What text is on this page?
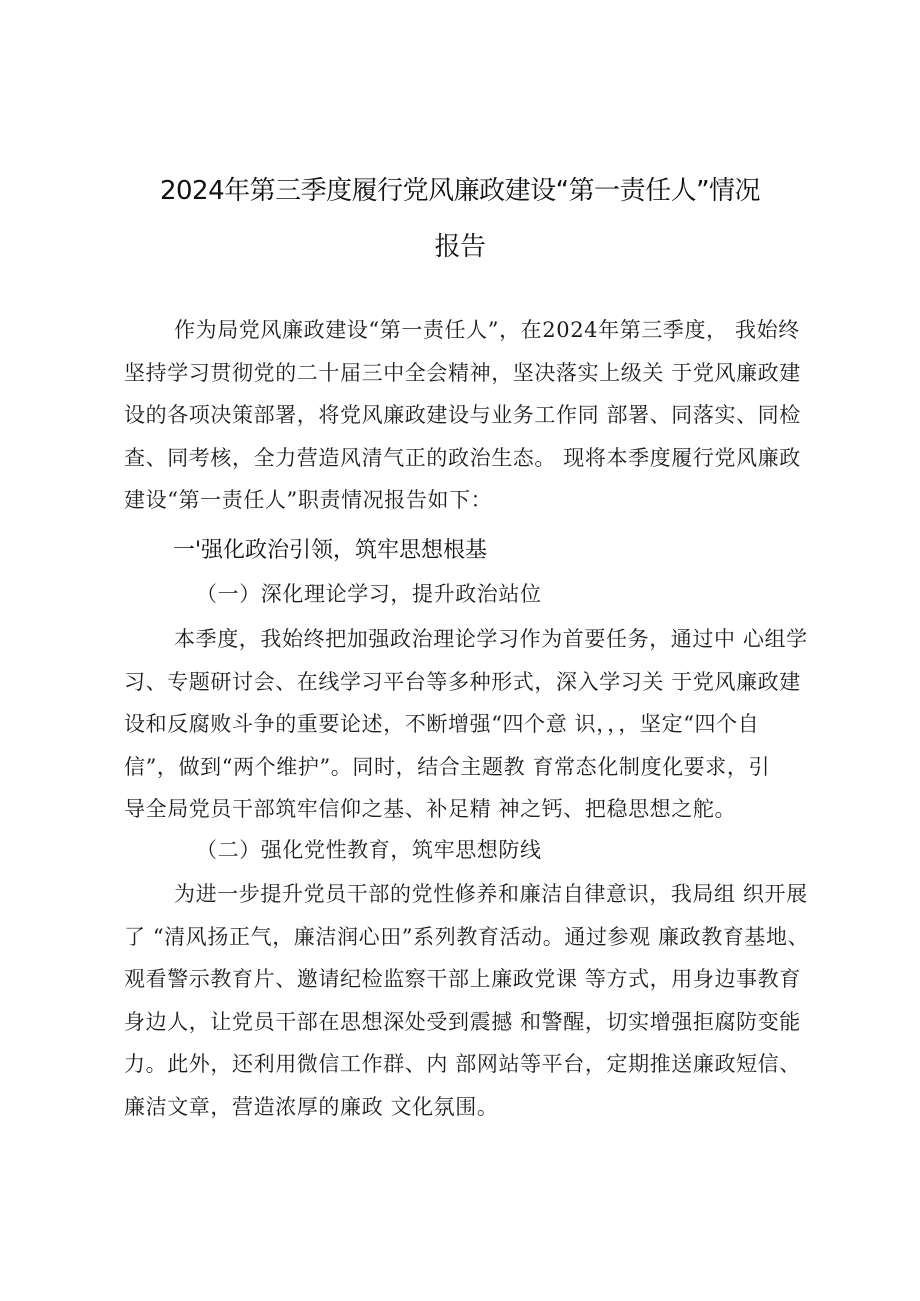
2024年第三季度履行党风廉政建设“第一责任人”情况
报告
作为局党风廉政建设“第一责任人”，在2024年第三季度， 我始终
坚持学习贯彻党的二十届三中全会精神，坚决落实上级关 于党风廉政建
设的各项决策部署，将党风廉政建设与业务工作同 部署、同落实、同检
查、同考核，全力营造风清气正的政治生态。 现将本季度履行党风廉政
建设“第一责任人”职责情况报告如下：
一'强化政治引领，筑牢思想根基
（一）深化理论学习，提升政治站位
本季度，我始终把加强政治理论学习作为首要任务，通过中 心组学
习、专题研讨会、在线学习平台等多种形式，深入学习关 于党风廉政建
设和反腐败斗争的重要论述，不断增强“四个意 识，，，坚定“四个自
信”，做到“两个维护”。同时，结合主题教 育常态化制度化要求，引
导全局党员干部筑牢信仰之基、补足精 神之钙、把稳思想之舵。
（二）强化党性教育，筑牢思想防线
为进一步提升党员干部的党性修养和廉洁自律意识，我局组 织开展
了 “清风扬正气，廉洁润心田”系列教育活动。通过参观 廉政教育基地、
观看警示教育片、邀请纪检监察干部上廉政党课 等方式，用身边事教育
身边人，让党员干部在思想深处受到震撼 和警醒，切实增强拒腐防变能
力。此外，还利用微信工作群、内 部网站等平台，定期推送廉政短信、
廉洁文章，营造浓厚的廉政 文化氛围。
